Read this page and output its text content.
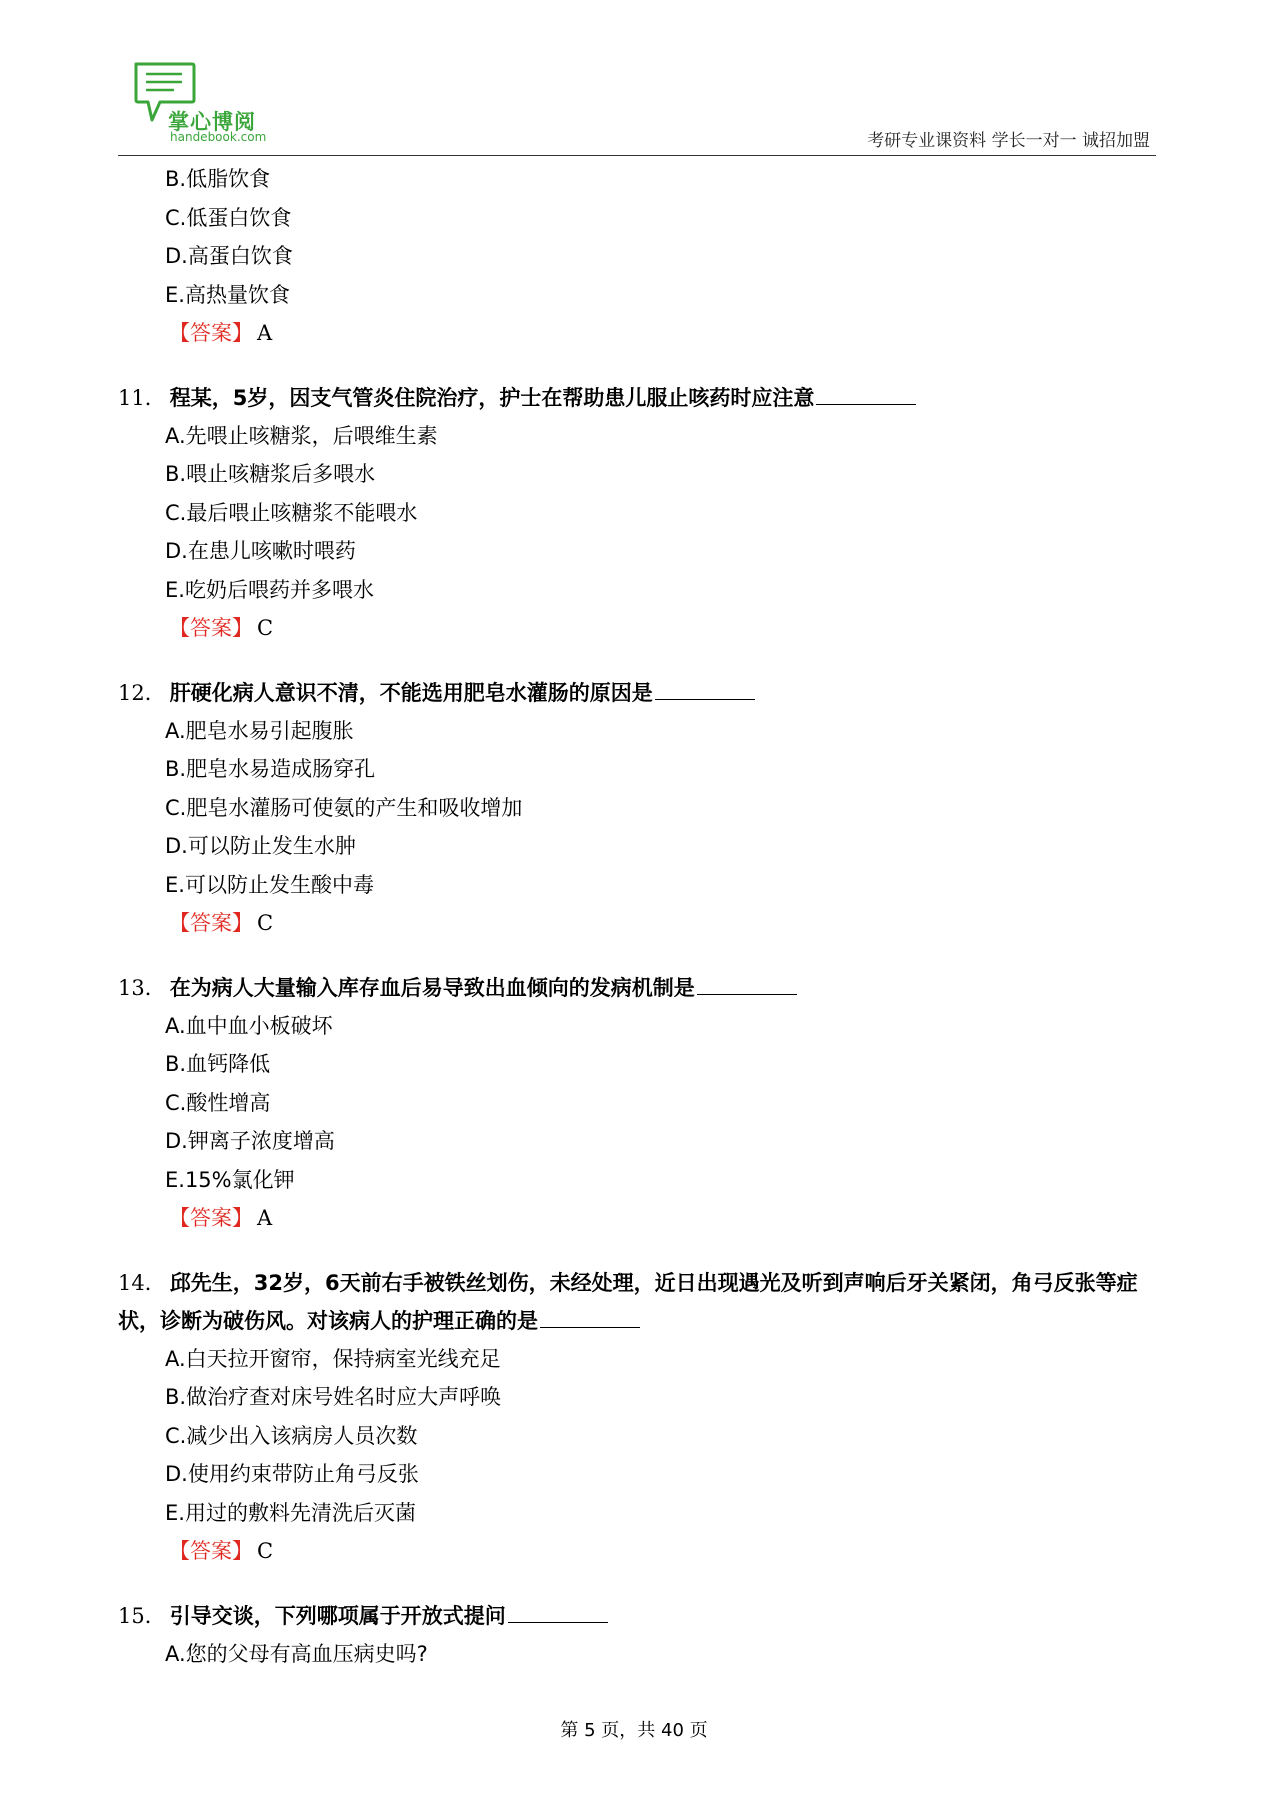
掌心博阅
handebook.com	考研专业课资料 学长一对一 诚招加盟

B.低脂饮食

C.低蛋白饮食

D.高蛋白饮食

E.高热量饮食

【答案】 A

11． 程某，5岁，因支气管炎住院治疗，护士在帮助患儿服止咳药时应注意

A.先喂止咳糖浆，后喂维生素

B.喂止咳糖浆后多喂水

C.最后喂止咳糖浆不能喂水

D.在患儿咳嗽时喂药

E.吃奶后喂药并多喂水

【答案】 C

12． 肝硬化病人意识不清，不能选用肥皂水灌肠的原因是

A.肥皂水易引起腹胀

B.肥皂水易造成肠穿孔

C.肥皂水灌肠可使氨的产生和吸收增加

D.可以防止发生水肿

E.可以防止发生酸中毒

【答案】 C

13． 在为病人大量输入库存血后易导致出血倾向的发病机制是

A.血中血小板破坏

B.血钙降低

C.酸性增高

D.钾离子浓度增高

E.15%氯化钾

【答案】 A

14． 邱先生，32岁，6天前右手被铁丝划伤，未经处理，近日出现遇光及听到声响后牙关紧闭，角弓反张等症状，诊断为破伤风。对该病人的护理正确的是

A.白天拉开窗帘，保持病室光线充足

B.做治疗查对床号姓名时应大声呼唤

C.减少出入该病房人员次数

D.使用约束带防止角弓反张

E.用过的敷料先清洗后灭菌

【答案】 C

15． 引导交谈，下列哪项属于开放式提问

A.您的父母有高血压病史吗?

第 5 页，共 40 页
